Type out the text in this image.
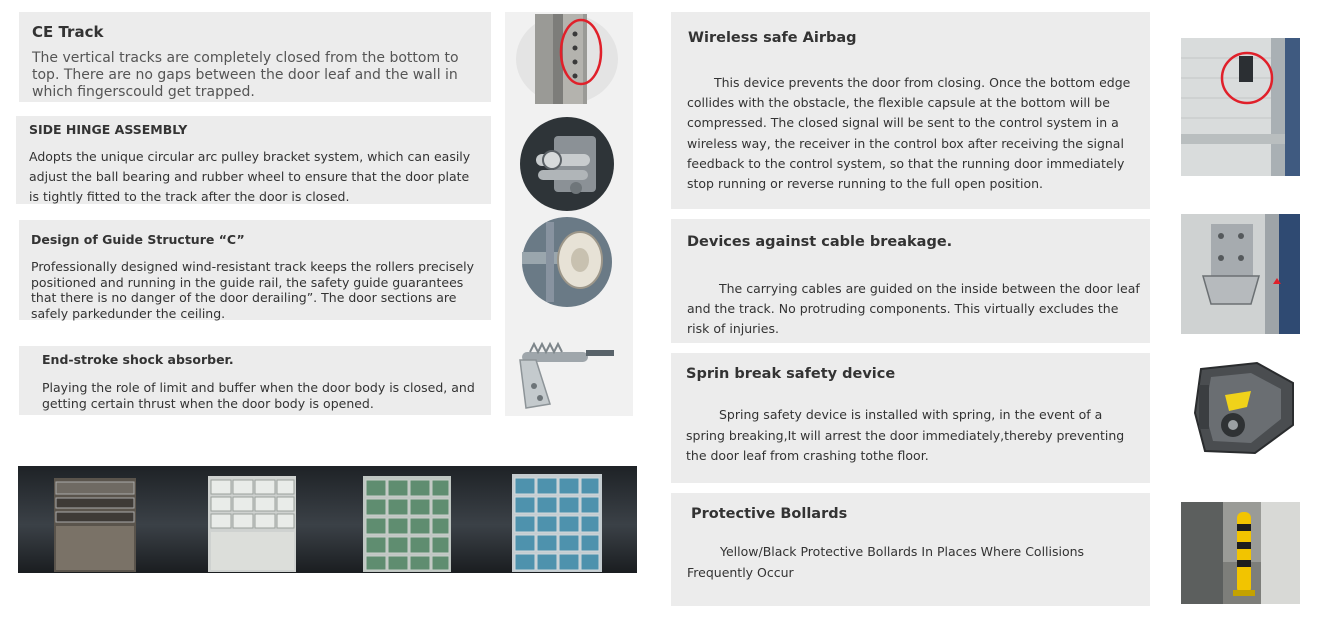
CE Track
The vertical tracks are completely closed from the bottom to top. There are no gaps between the door leaf and the wall in which fingerscould get trapped.
SIDE HINGE ASSEMBLY
Adopts the unique circular arc pulley bracket system, which can easily adjust the ball bearing and rubber wheel to ensure that the door plate is tightly fitted to the track after the door is closed.
Design of Guide Structure “C”
Professionally designed wind-resistant track keeps the rollers precisely positioned and running in the guide rail, the safety guide guarantees that there is no danger of the door derailing”. The door sections are safely parkedunder the ceiling.
End-stroke shock absorber.
Playing the role of limit and buffer when the door body is closed, and getting certain thrust when the door body is opened.
Wireless safe Airbag
This device prevents the door from closing. Once the bottom edge collides with the obstacle, the flexible capsule at the bottom will be compressed. The closed signal will be sent to the control system in a wireless way, the receiver in the control box after receiving the signal feedback to the control system, so that the running door immediately stop running or reverse running to the full open position.
Devices against cable breakage.
The carrying cables are guided on the inside between the door leaf and the track. No protruding components. This virtually excludes the risk of injuries.
Sprin break safety device
Spring safety device is installed with spring, in the event of a spring breaking,It will arrest the door immediately,thereby preventing the door leaf from crashing tothe floor.
Protective Bollards
Yellow/Black Protective Bollards In Places Where Collisions Frequently Occur
